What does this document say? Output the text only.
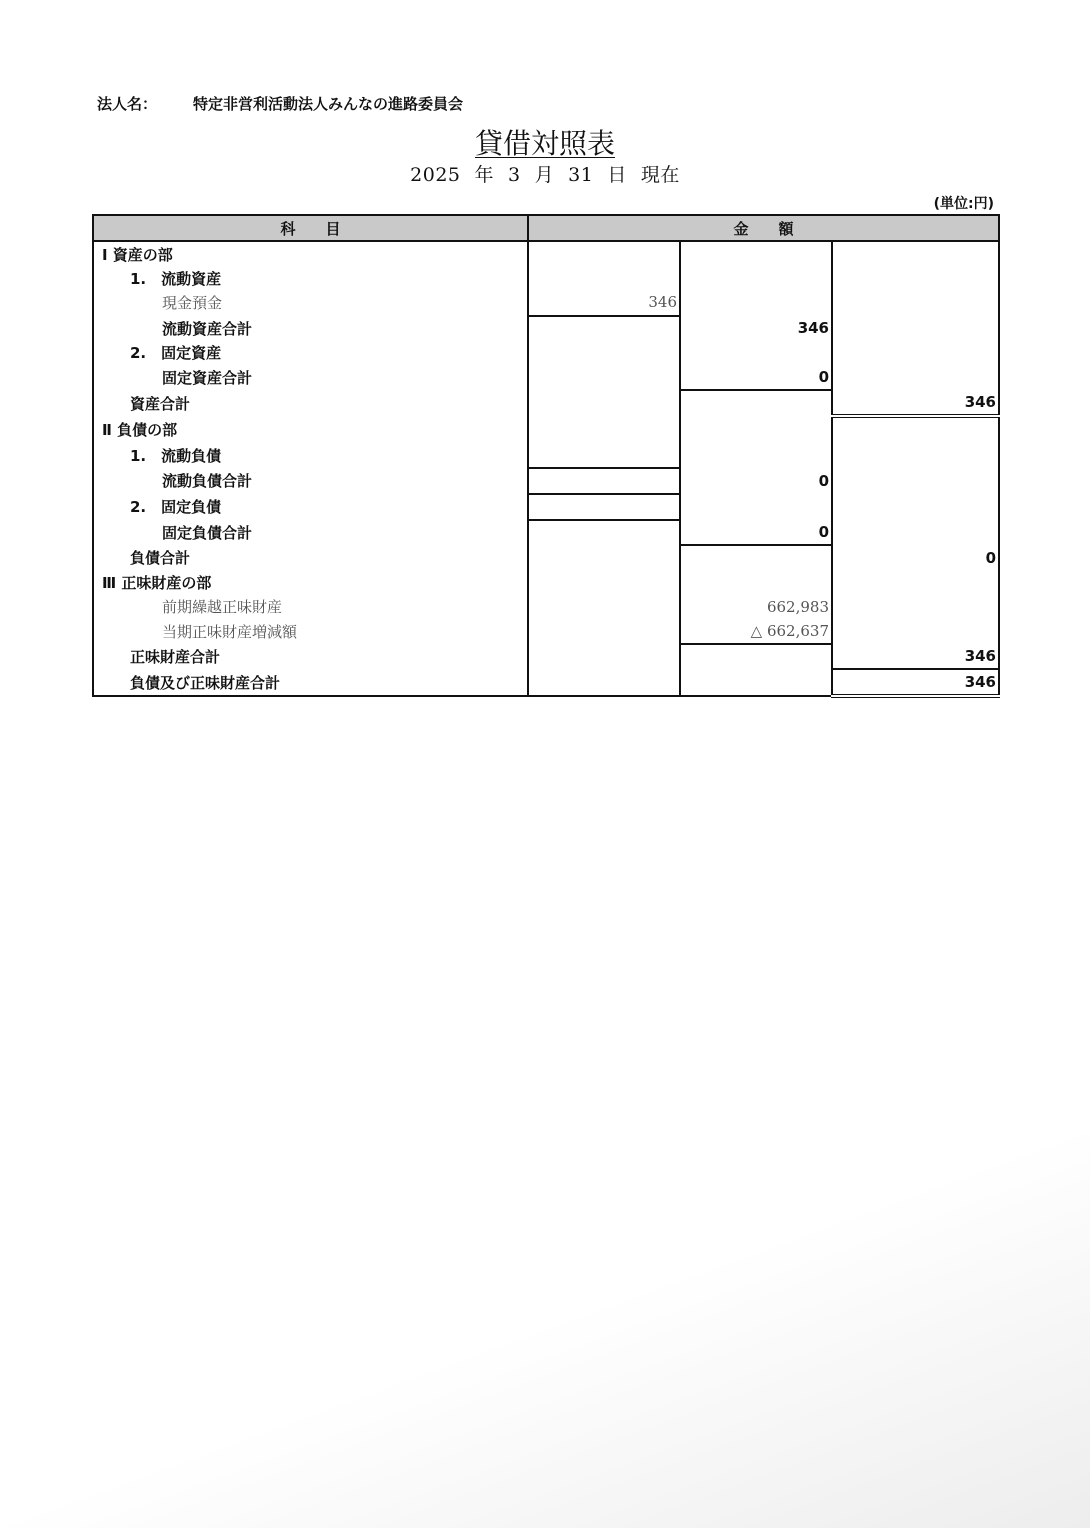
法人名： 特定非営利活動法人みんなの進路委員会
貸借対照表
2025 年 3 月 31 日 現在
(単位:円)
科　　目	金　　額		
Ⅰ 資産の部			
1.　流動資産			
現金預金	346		
流動資産合計		346	
2.　固定資産			
固定資産合計		0	
資産合計			346
Ⅱ 負債の部			
1.　流動負債			
流動負債合計		0	
2.　固定負債			
固定負債合計		0	
負債合計			0
Ⅲ 正味財産の部			
前期繰越正味財産		662,983	
当期正味財産増減額		△ 662,637	
正味財産合計			346
負債及び正味財産合計			346
